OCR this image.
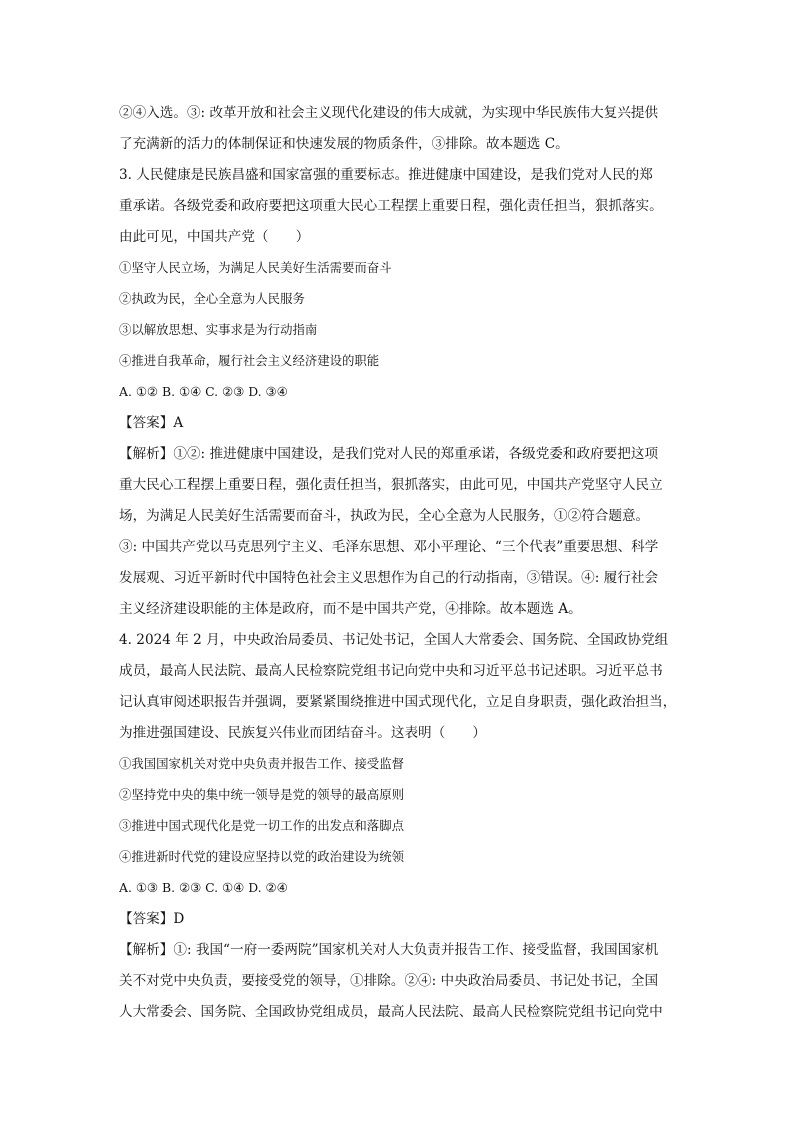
②④入选。③: 改革开放和社会主义现代化建设的伟大成就，为实现中华民族伟大复兴提供

了充满新的活力的体制保证和快速发展的物质条件，③排除。故本题选 C。

3. 人民健康是民族昌盛和国家富强的重要标志。推进健康中国建设，是我们党对人民的郑

重承诺。各级党委和政府要把这项重大民心工程摆上重要日程，强化责任担当，狠抓落实。

由此可见，中国共产党（　　）

①坚守人民立场，为满足人民美好生活需要而奋斗

②执政为民，全心全意为人民服务

③以解放思想、实事求是为行动指南

④推进自我革命，履行社会主义经济建设的职能

A. ①② B. ①④ C. ②③ D. ③④

【答案】A

【解析】①②: 推进健康中国建设，是我们党对人民的郑重承诺，各级党委和政府要把这项

重大民心工程摆上重要日程，强化责任担当，狠抓落实，由此可见，中国共产党坚守人民立

场，为满足人民美好生活需要而奋斗，执政为民，全心全意为人民服务，①②符合题意。

③: 中国共产党以马克思列宁主义、毛泽东思想、邓小平理论、“三个代表”重要思想、科学

发展观、习近平新时代中国特色社会主义思想作为自己的行动指南，③错误。④: 履行社会

主义经济建设职能的主体是政府，而不是中国共产党，④排除。故本题选 A。

4. 2024 年 2 月，中央政治局委员、书记处书记，全国人大常委会、国务院、全国政协党组

成员，最高人民法院、最高人民检察院党组书记向党中央和习近平总书记述职。习近平总书

记认真审阅述职报告并强调，要紧紧围绕推进中国式现代化，立足自身职责，强化政治担当，

为推进强国建设、民族复兴伟业而团结奋斗。这表明（　　）

①我国国家机关对党中央负责并报告工作、接受监督

②坚持党中央的集中统一领导是党的领导的最高原则

③推进中国式现代化是党一切工作的出发点和落脚点

④推进新时代党的建设应坚持以党的政治建设为统领

A. ①③ B. ②③ C. ①④ D. ②④

【答案】D

【解析】①: 我国“一府一委两院”国家机关对人大负责并报告工作、接受监督，我国国家机

关不对党中央负责，要接受党的领导，①排除。②④: 中央政治局委员、书记处书记，全国

人大常委会、国务院、全国政协党组成员，最高人民法院、最高人民检察院党组书记向党中
